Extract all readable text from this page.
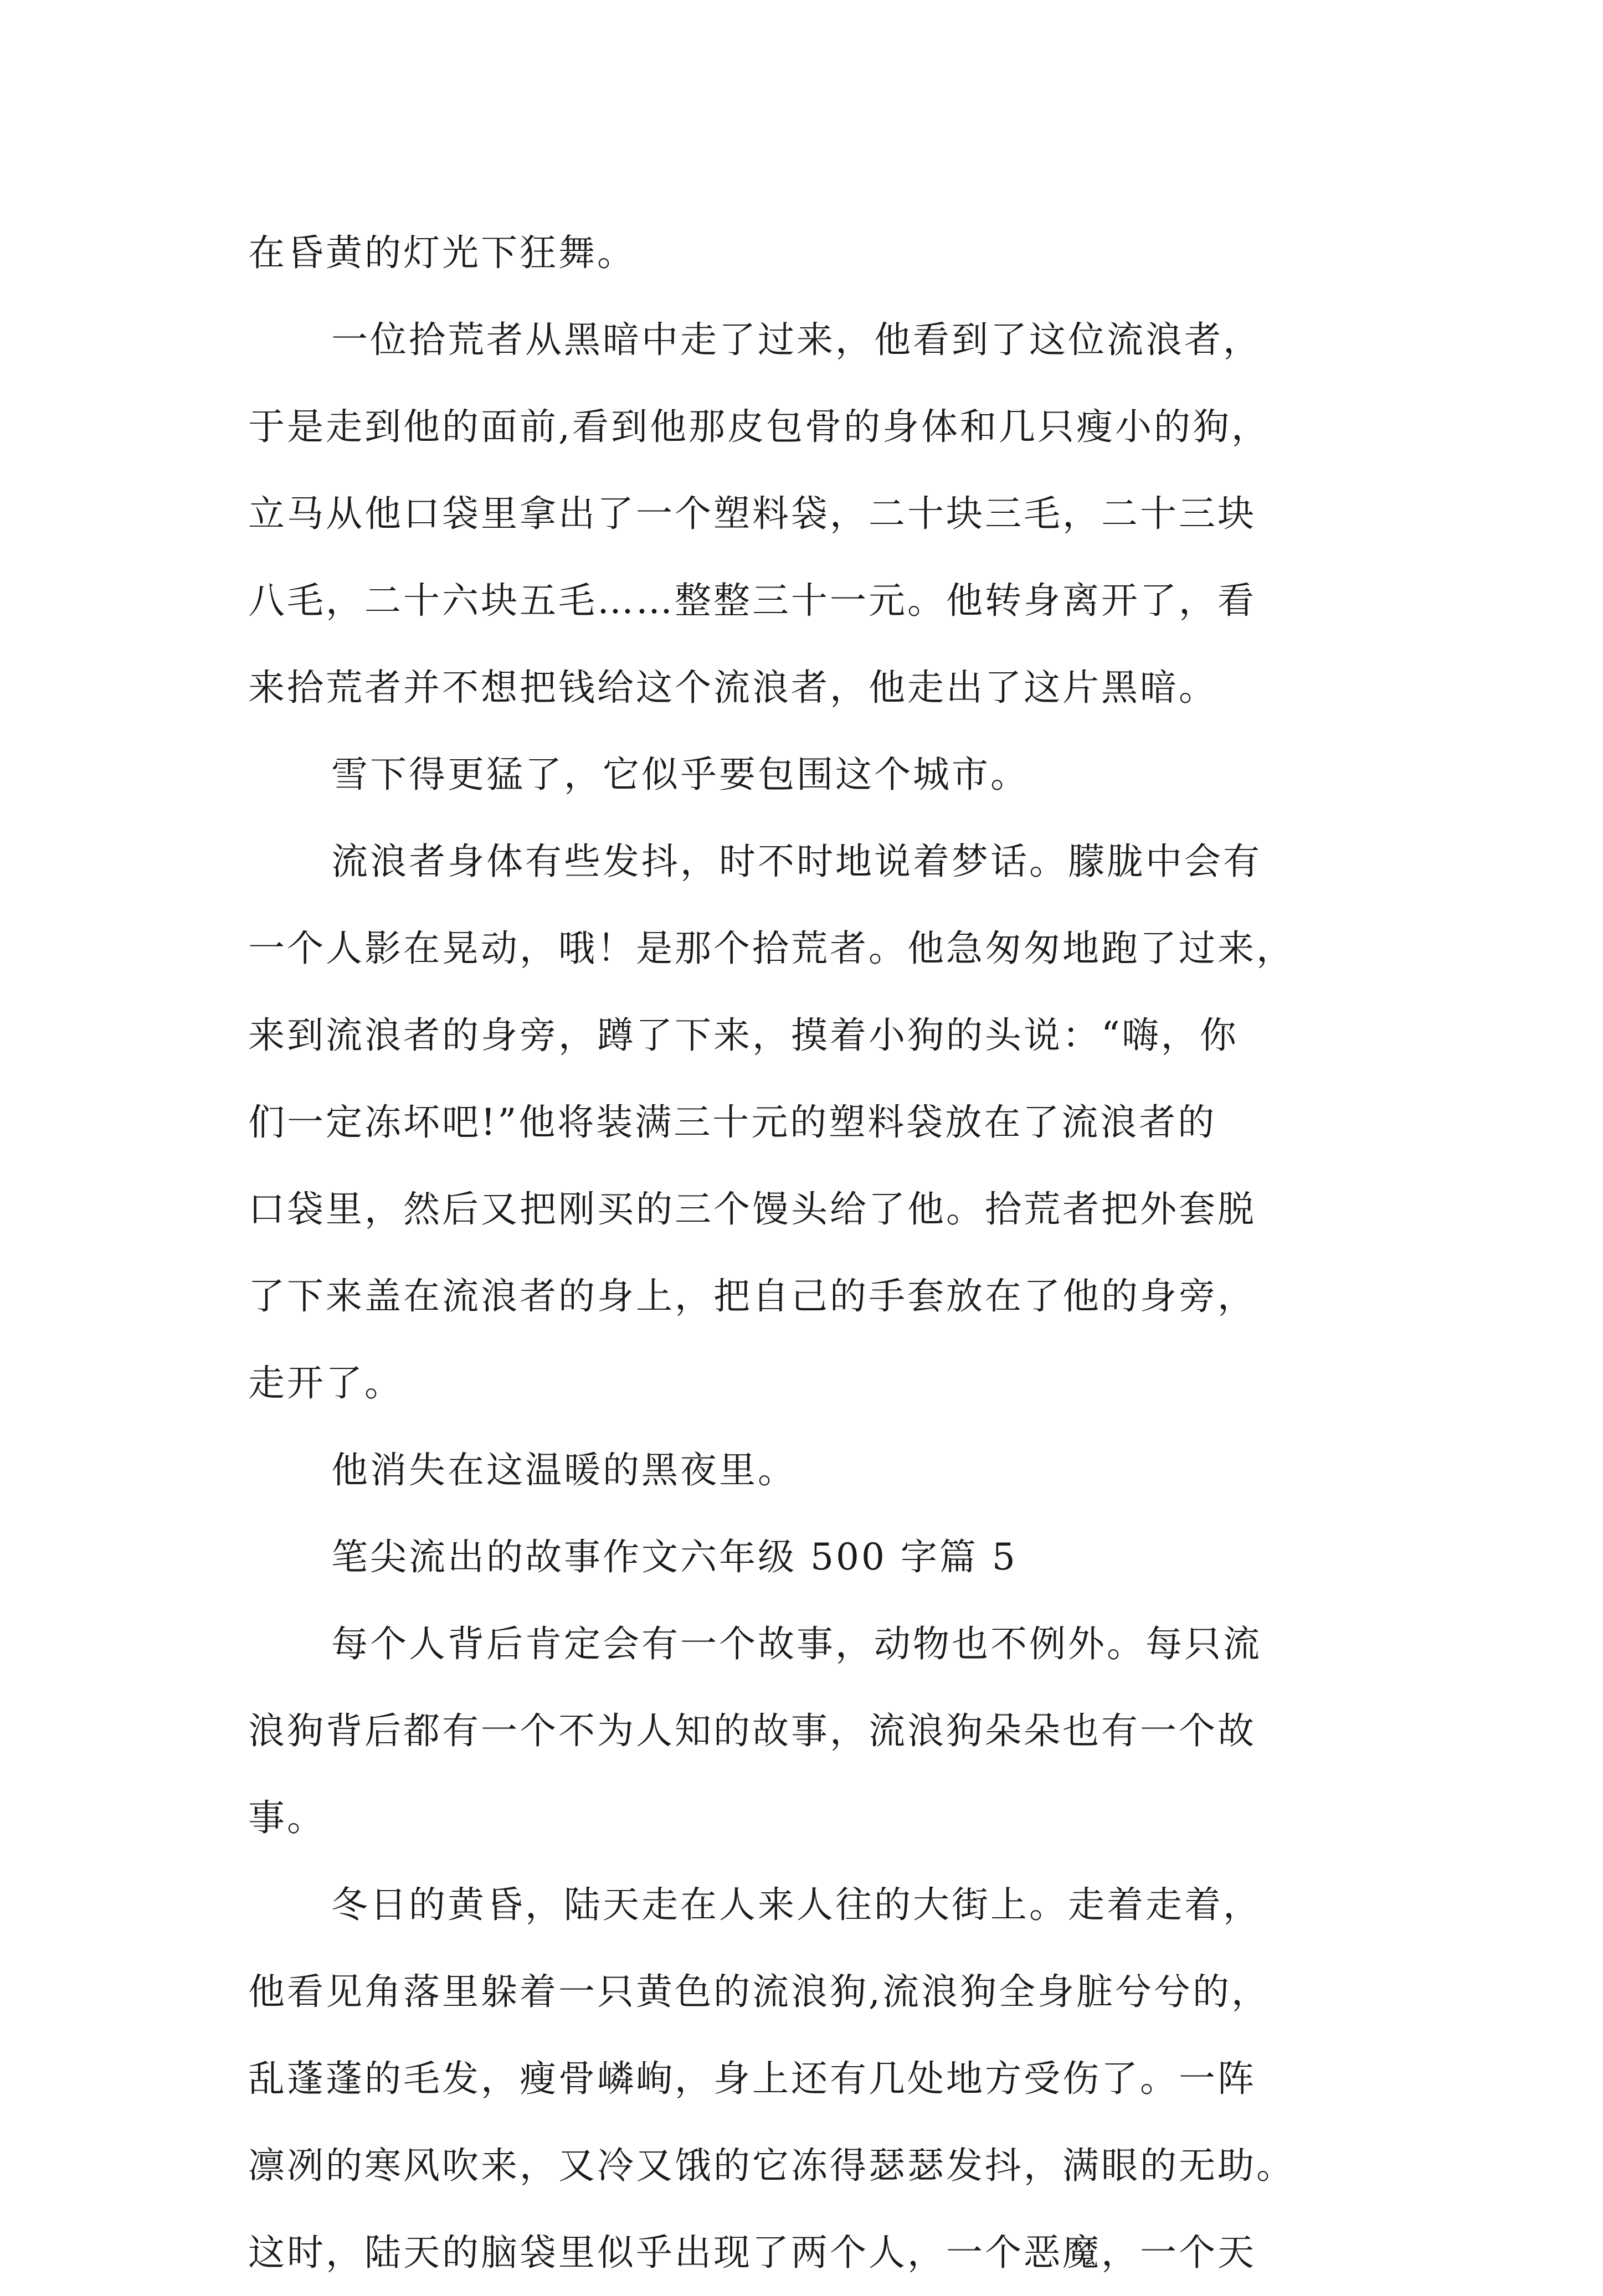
在昏黄的灯光下狂舞。
一位拾荒者从黑暗中走了过来，他看到了这位流浪者，
于是走到他的面前,看到他那皮包骨的身体和几只瘦小的狗，
立马从他口袋里拿出了一个塑料袋，二十块三毛，二十三块
八毛，二十六块五毛……整整三十一元。他转身离开了，看
来拾荒者并不想把钱给这个流浪者，他走出了这片黑暗。
雪下得更猛了，它似乎要包围这个城市。
流浪者身体有些发抖，时不时地说着梦话。朦胧中会有
一个人影在晃动，哦！是那个拾荒者。他急匆匆地跑了过来，
来到流浪者的身旁，蹲了下来，摸着小狗的头说：“嗨，你
们一定冻坏吧!”他将装满三十元的塑料袋放在了流浪者的
口袋里，然后又把刚买的三个馒头给了他。拾荒者把外套脱
了下来盖在流浪者的身上，把自己的手套放在了他的身旁，
走开了。
他消失在这温暖的黑夜里。
笔尖流出的故事作文六年级 500 字篇 5
每个人背后肯定会有一个故事，动物也不例外。每只流
浪狗背后都有一个不为人知的故事，流浪狗朵朵也有一个故
事。
冬日的黄昏，陆天走在人来人往的大街上。走着走着，
他看见角落里躲着一只黄色的流浪狗,流浪狗全身脏兮兮的，
乱蓬蓬的毛发，瘦骨嶙峋，身上还有几处地方受伤了。一阵
凛冽的寒风吹来，又冷又饿的它冻得瑟瑟发抖，满眼的无助。
这时，陆天的脑袋里似乎出现了两个人，一个恶魔，一个天
